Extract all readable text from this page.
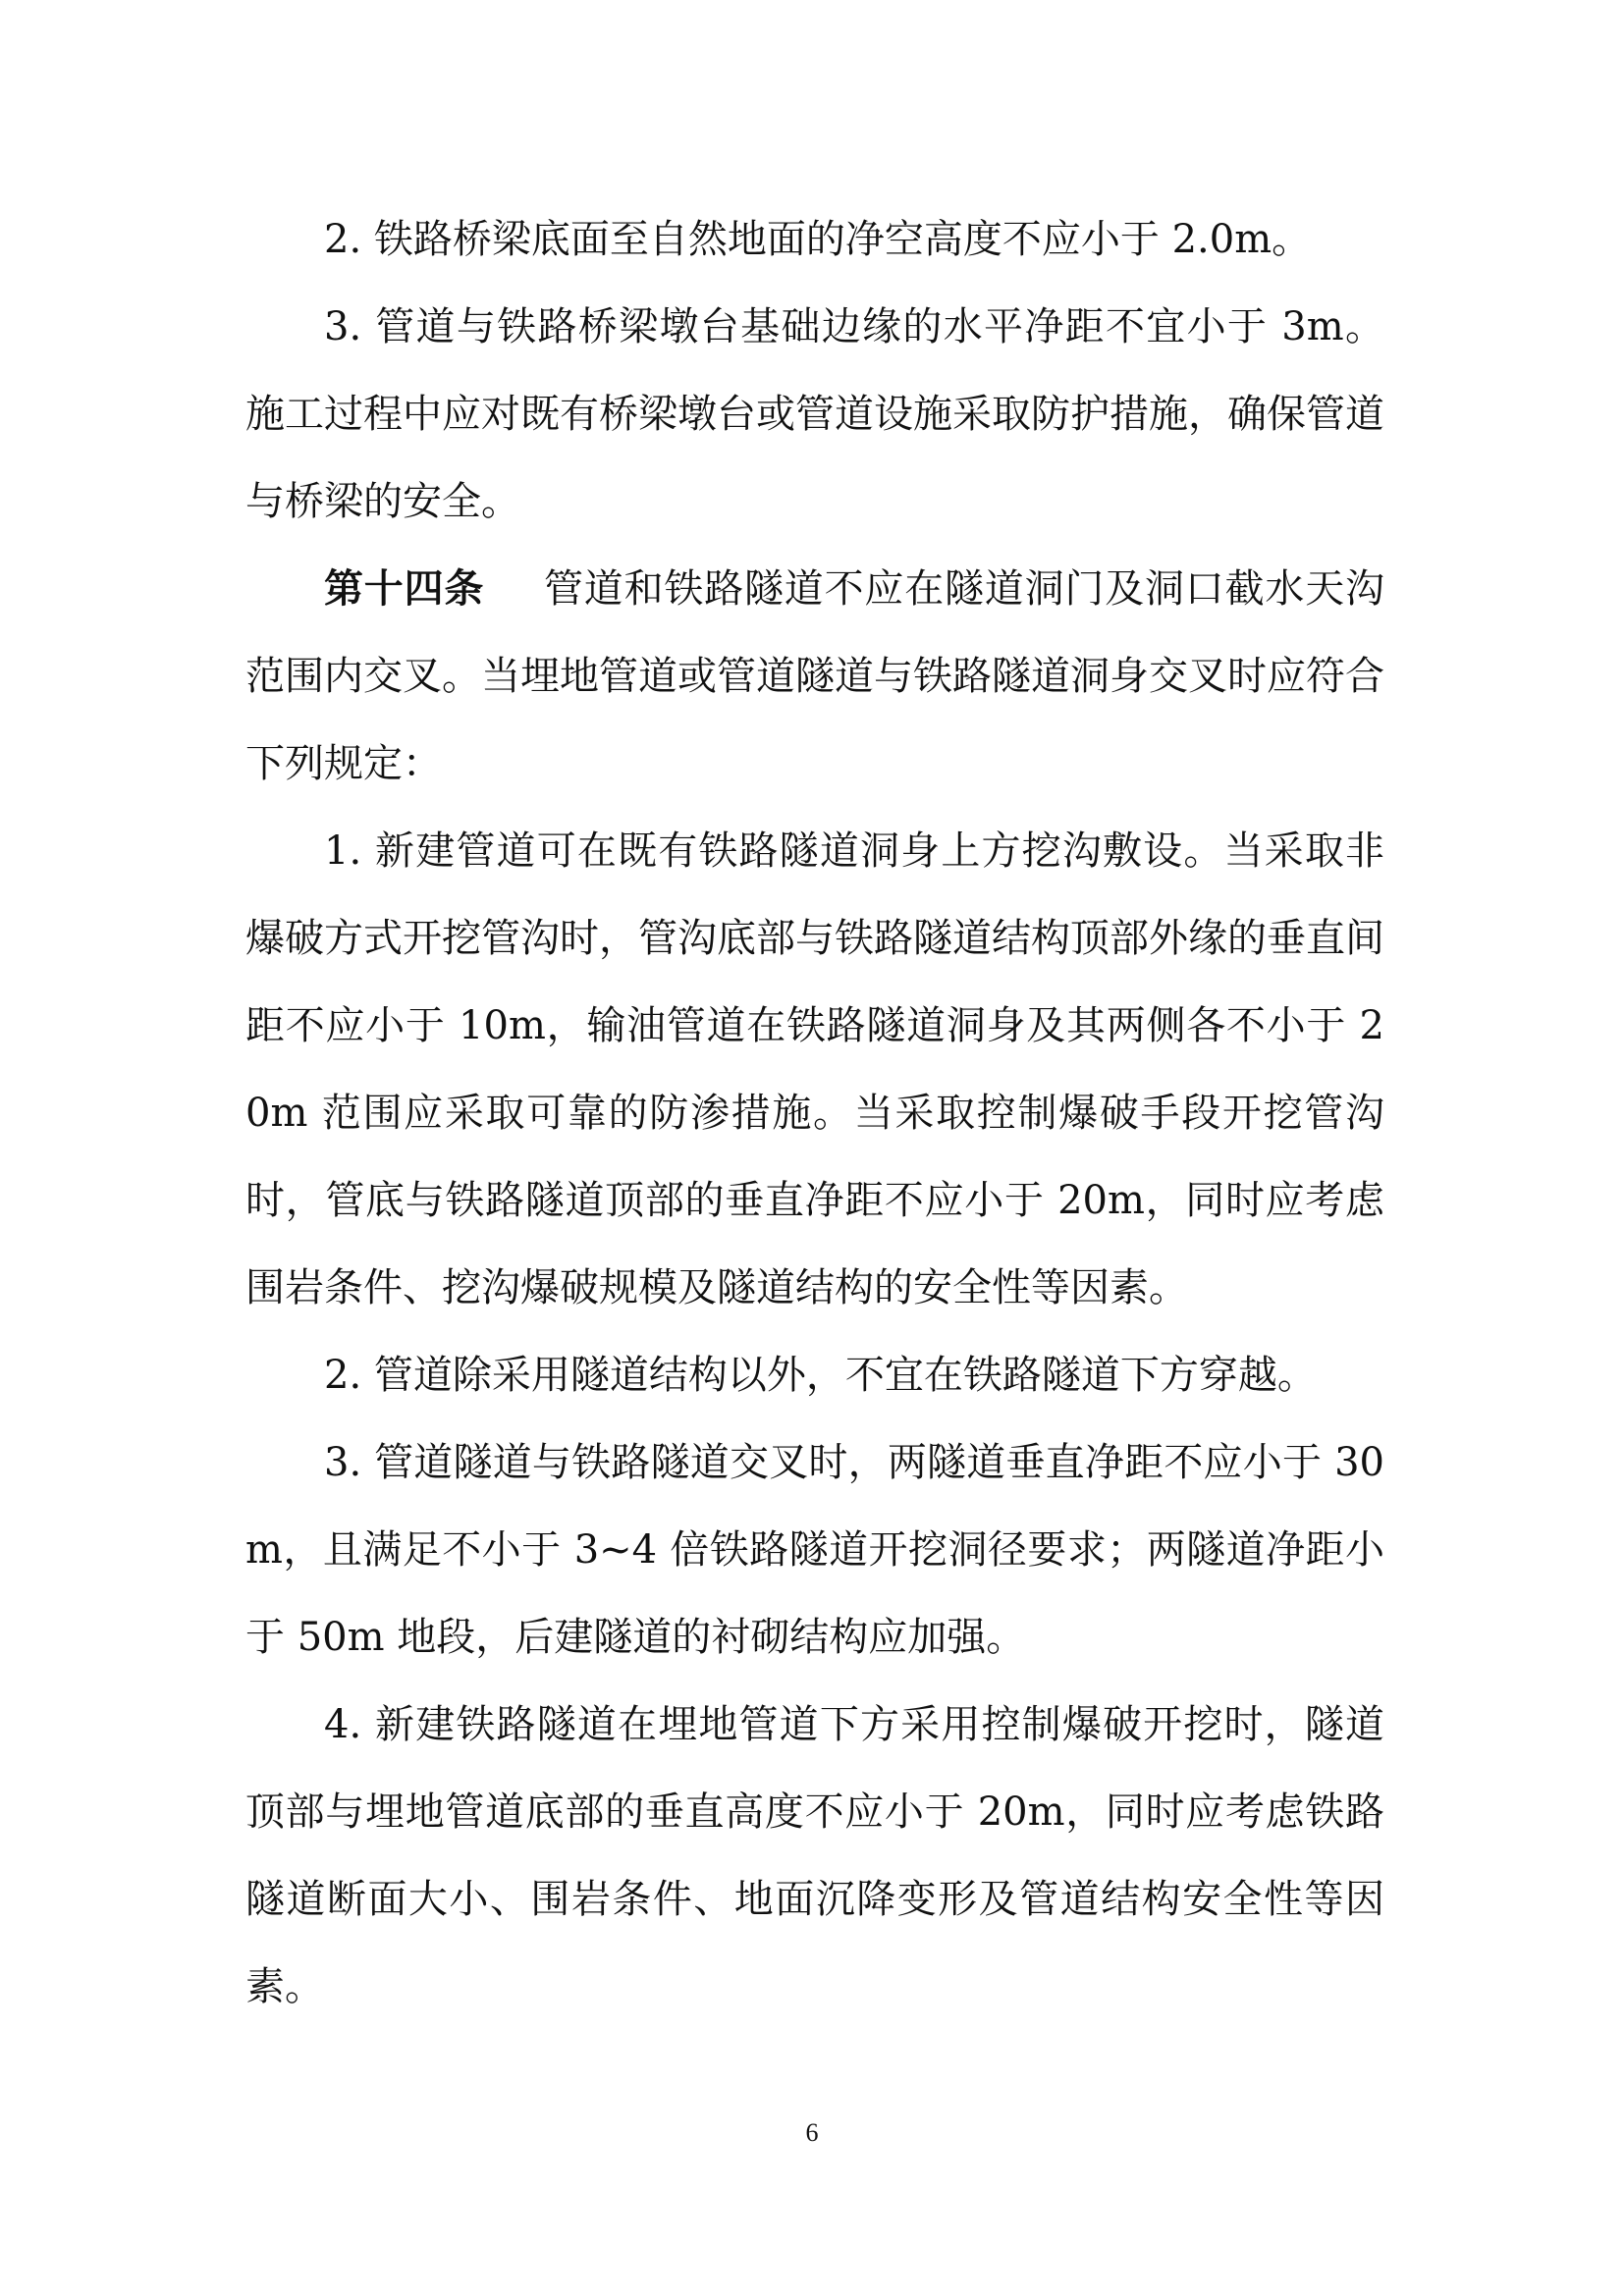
2. 铁路桥梁底面至自然地面的净空高度不应小于 2.0m。

3. 管道与铁路桥梁墩台基础边缘的水平净距不宜小于 3m。施工过程中应对既有桥梁墩台或管道设施采取防护措施，确保管道与桥梁的安全。

第十四条 管道和铁路隧道不应在隧道洞门及洞口截水天沟范围内交叉。当埋地管道或管道隧道与铁路隧道洞身交叉时应符合下列规定：

1. 新建管道可在既有铁路隧道洞身上方挖沟敷设。当采取非爆破方式开挖管沟时，管沟底部与铁路隧道结构顶部外缘的垂直间距不应小于 10m，输油管道在铁路隧道洞身及其两侧各不小于 20m 范围应采取可靠的防渗措施。当采取控制爆破手段开挖管沟时，管底与铁路隧道顶部的垂直净距不应小于 20m，同时应考虑围岩条件、挖沟爆破规模及隧道结构的安全性等因素。

2. 管道除采用隧道结构以外，不宜在铁路隧道下方穿越。

3. 管道隧道与铁路隧道交叉时，两隧道垂直净距不应小于 30m，且满足不小于 3~4 倍铁路隧道开挖洞径要求；两隧道净距小于 50m 地段，后建隧道的衬砌结构应加强。

4. 新建铁路隧道在埋地管道下方采用控制爆破开挖时，隧道顶部与埋地管道底部的垂直高度不应小于 20m，同时应考虑铁路隧道断面大小、围岩条件、地面沉降变形及管道结构安全性等因素。

6
